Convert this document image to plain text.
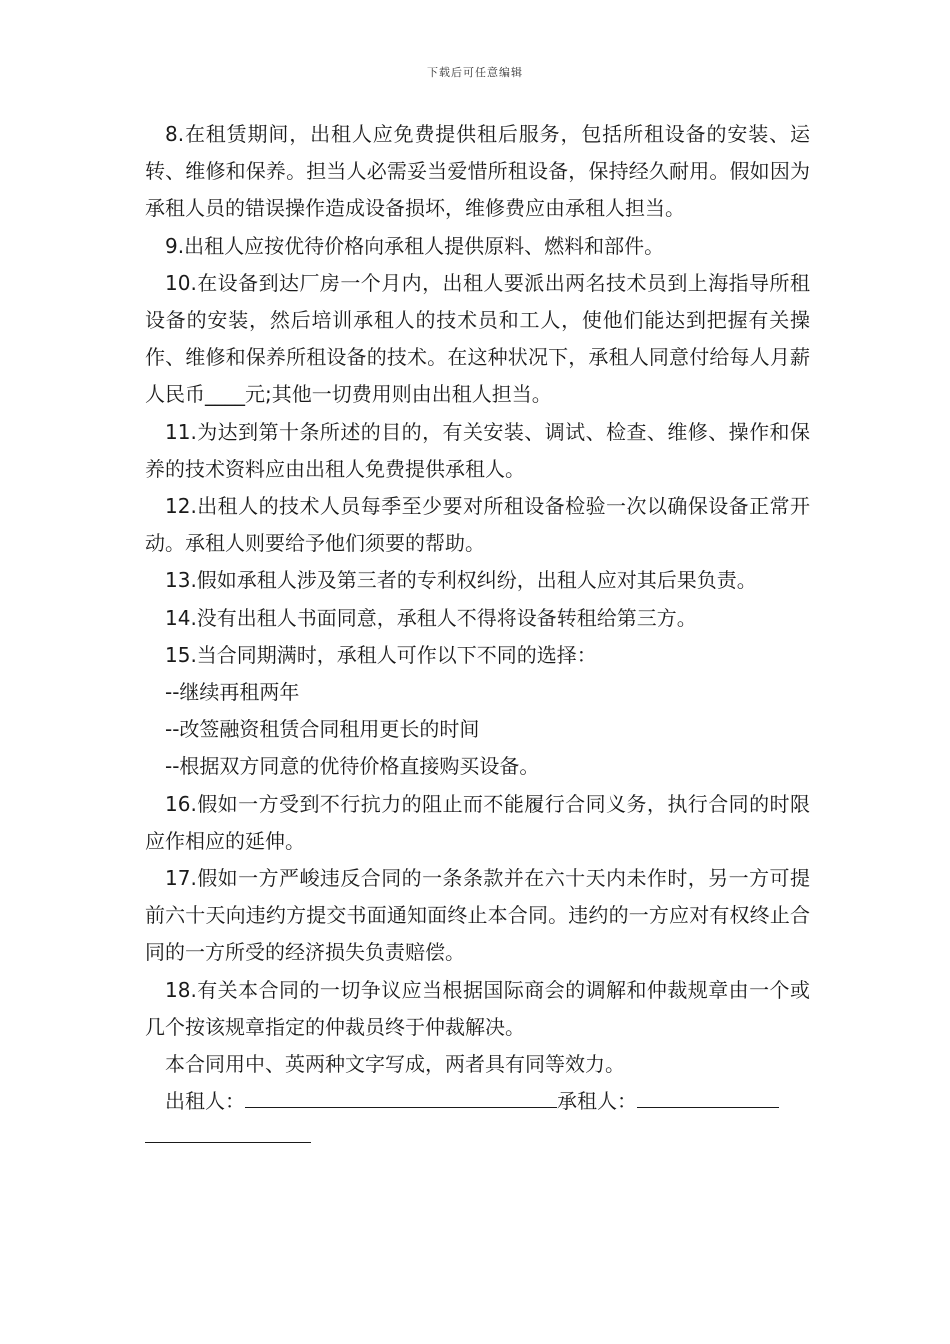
下载后可任意编辑

8.在租赁期间，出租人应免费提供租后服务，包括所租设备的安装、运转、维修和保养。担当人必需妥当爱惜所租设备，保持经久耐用。假如因为承租人员的错误操作造成设备损坏，维修费应由承租人担当。

9.出租人应按优待价格向承租人提供原料、燃料和部件。

10.在设备到达厂房一个月内，出租人要派出两名技术员到上海指导所租设备的安装，然后培训承租人的技术员和工人，使他们能达到把握有关操作、维修和保养所租设备的技术。在这种状况下，承租人同意付给每人月薪人民币____元;其他一切费用则由出租人担当。

11.为达到第十条所述的目的，有关安装、调试、检查、维修、操作和保养的技术资料应由出租人免费提供承租人。

12.出租人的技术人员每季至少要对所租设备检验一次以确保设备正常开动。承租人则要给予他们须要的帮助。

13.假如承租人涉及第三者的专利权纠纷，出租人应对其后果负责。

14.没有出租人书面同意，承租人不得将设备转租给第三方。

15.当合同期满时，承租人可作以下不同的选择：

--继续再租两年

--改签融资租赁合同租用更长的时间

--根据双方同意的优待价格直接购买设备。

16.假如一方受到不行抗力的阻止而不能履行合同义务，执行合同的时限应作相应的延伸。

17.假如一方严峻违反合同的一条条款并在六十天内未作时，另一方可提前六十天向违约方提交书面通知面终止本合同。违约的一方应对有权终止合同的一方所受的经济损失负责赔偿。

18.有关本合同的一切争议应当根据国际商会的调解和仲裁规章由一个或几个按该规章指定的仲裁员终于仲裁解决。

本合同用中、英两种文字写成，两者具有同等效力。

出租人：	承租人：
